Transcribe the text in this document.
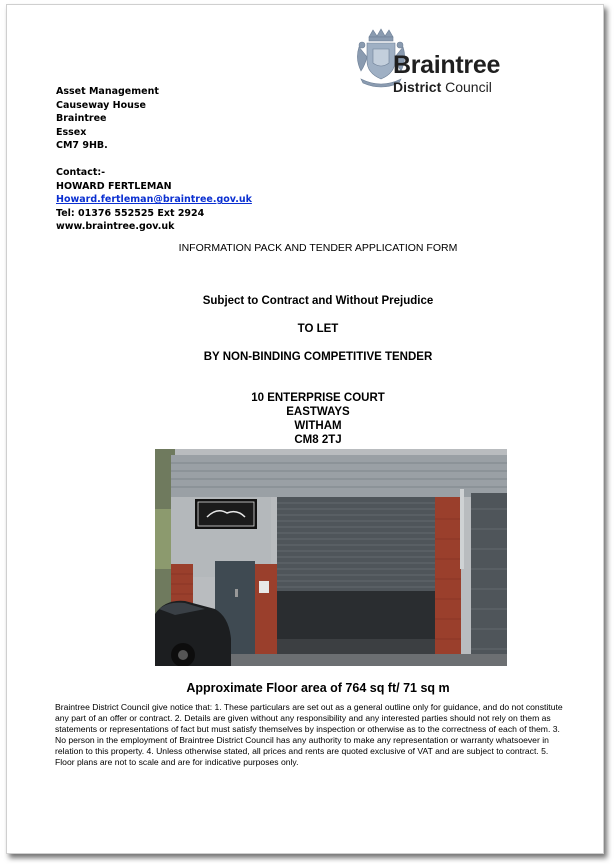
Braintree
District Council
Asset Management
Causeway House
Braintree
Essex
CM7 9HB.
Contact:-
HOWARD FERTLEMAN
Howard.fertleman@braintree.gov.uk
Tel: 01376 552525 Ext 2924
www.braintree.gov.uk
INFORMATION PACK AND TENDER APPLICATION FORM
Subject to Contract and Without Prejudice
TO LET
BY NON-BINDING COMPETITIVE TENDER
10 ENTERPRISE COURT
EASTWAYS
WITHAM
CM8 2TJ
Approximate Floor area of 764 sq ft/ 71 sq m
Braintree District Council give notice that: 1. These particulars are set out as a general outline only for guidance, and do not constitute any part of an offer or contract. 2. Details are given without any responsibility and any interested parties should not rely on them as statements or representations of fact but must satisfy themselves by inspection or otherwise as to the correctness of each of them. 3. No person in the employment of Braintree District Council has any authority to make any representation or warranty whatsoever in relation to this property. 4. Unless otherwise stated, all prices and rents are quoted exclusive of VAT and are subject to contract. 5. Floor plans are not to scale and are for indicative purposes only.
